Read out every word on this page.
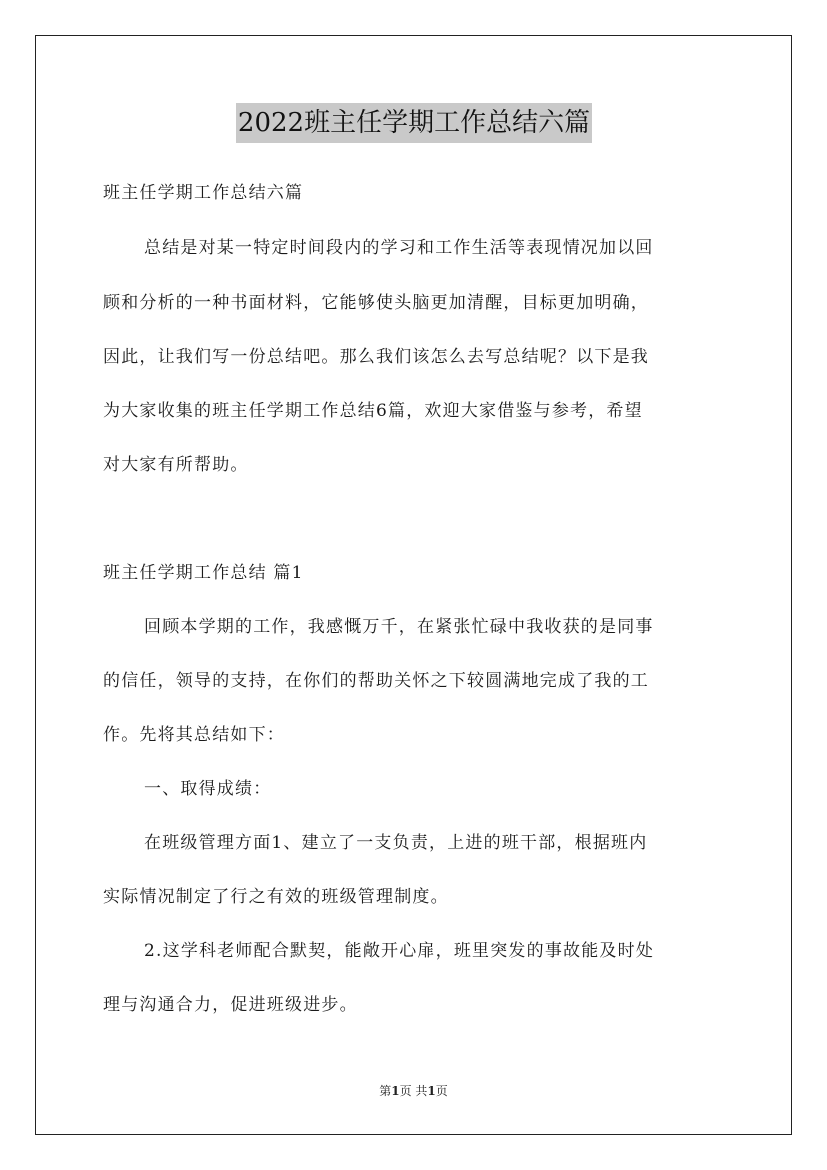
2022班主任学期工作总结六篇
班主任学期工作总结六篇
总结是对某一特定时间段内的学习和工作生活等表现情况加以回
顾和分析的一种书面材料，它能够使头脑更加清醒，目标更加明确，
因此，让我们写一份总结吧。那么我们该怎么去写总结呢？以下是我
为大家收集的班主任学期工作总结6篇，欢迎大家借鉴与参考，希望
对大家有所帮助。
班主任学期工作总结 篇1
回顾本学期的工作，我感慨万千，在紧张忙碌中我收获的是同事
的信任，领导的支持，在你们的帮助关怀之下较圆满地完成了我的工
作。先将其总结如下：
一、取得成绩：
在班级管理方面1、建立了一支负责，上进的班干部，根据班内
实际情况制定了行之有效的班级管理制度。
2.这学科老师配合默契，能敞开心扉，班里突发的事故能及时处
理与沟通合力，促进班级进步。
第1页 共1页
